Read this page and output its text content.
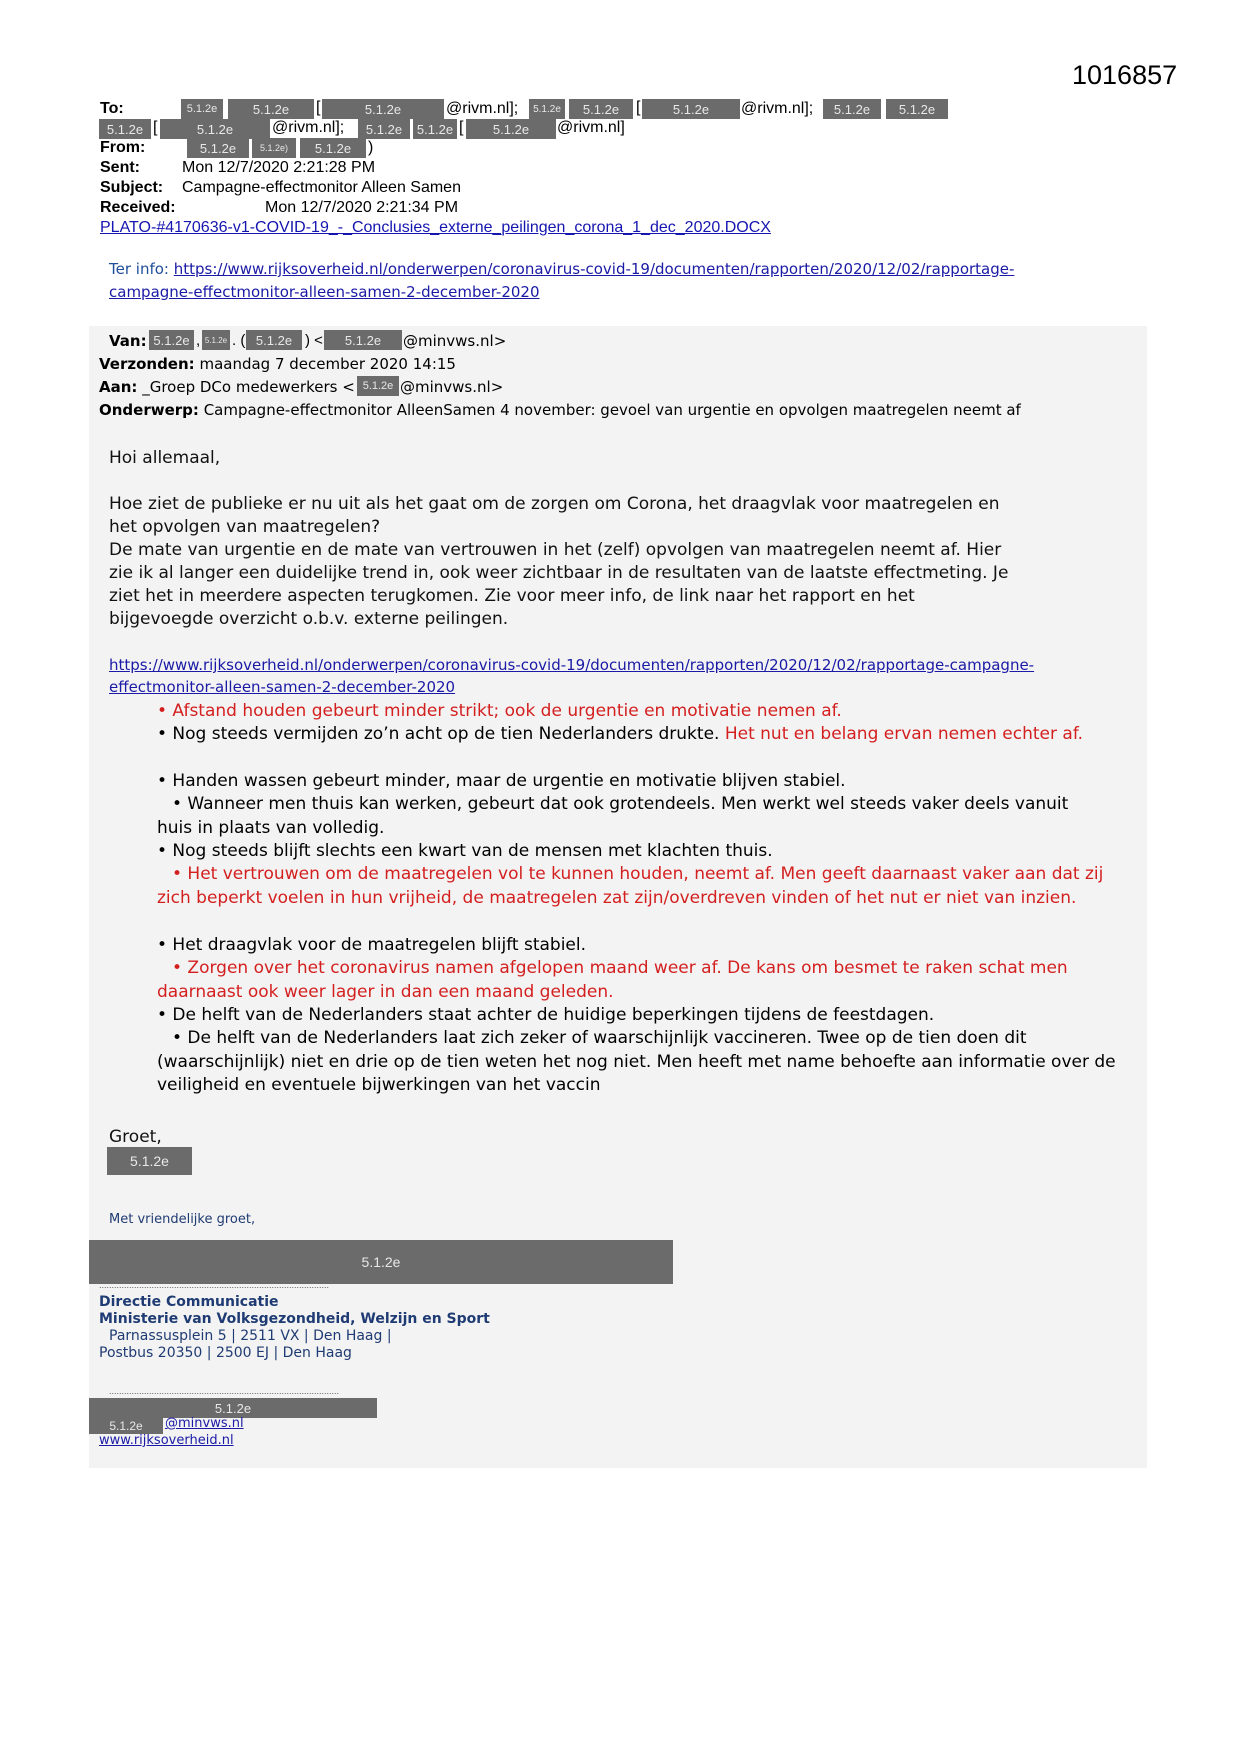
1016857
To:	5.1.2e	5.1.2e	[	5.1.2e	@rivm.nl];	5.1.2e	5.1.2e	[	5.1.2e	@rivm.nl];	5.1.2e	5.1.2e
5.1.2e [	5.1.2e	@rivm.nl];	5.1.2e	5.1.2e [	5.1.2e	@rivm.nl]
From:	5.1.2e	5.1.2e)	5.1.2e	)
Sent:	Mon 12/7/2020 2:21:28 PM
Subject: Campagne-effectmonitor Alleen Samen
Received:	Mon 12/7/2020 2:21:34 PM
PLATO-#4170636-v1-COVID-19_-_Conclusies_externe_peilingen_corona_1_dec_2020.DOCX
Ter info: https://www.rijksoverheid.nl/onderwerpen/coronavirus-covid-19/documenten/rapporten/2020/12/02/rapportage-
campagne-effectmonitor-alleen-samen-2-december-2020
Van: 5.1.2e , 5.1.2e . ( 5.1.2e ) <	5.1.2e	@minvws.nl>
Verzonden: maandag 7 december 2020 14:15
Aan: _Groep DCo medewerkers < 5.1.2e @minvws.nl>
Onderwerp: Campagne-effectmonitor AlleenSamen 4 november: gevoel van urgentie en opvolgen maatregelen neemt af
Hoi allemaal,
Hoe ziet de publieke er nu uit als het gaat om de zorgen om Corona, het draagvlak voor maatregelen en
het opvolgen van maatregelen?
De mate van urgentie en de mate van vertrouwen in het (zelf) opvolgen van maatregelen neemt af. Hier
zie ik al langer een duidelijke trend in, ook weer zichtbaar in de resultaten van de laatste effectmeting. Je
ziet het in meerdere aspecten terugkomen. Zie voor meer info, de link naar het rapport en het
bijgevoegde overzicht o.b.v. externe peilingen.
https://www.rijksoverheid.nl/onderwerpen/coronavirus-covid-19/documenten/rapporten/2020/12/02/rapportage-campagne-
effectmonitor-alleen-samen-2-december-2020
• Afstand houden gebeurt minder strikt; ook de urgentie en motivatie nemen af.
• Nog steeds vermijden zo’n acht op de tien Nederlanders drukte. Het nut en belang ervan nemen echter af.
• Handen wassen gebeurt minder, maar de urgentie en motivatie blijven stabiel.
• Wanneer men thuis kan werken, gebeurt dat ook grotendeels. Men werkt wel steeds vaker deels vanuit huis in plaats van volledig.
• Nog steeds blijft slechts een kwart van de mensen met klachten thuis.
• Het vertrouwen om de maatregelen vol te kunnen houden, neemt af. Men geeft daarnaast vaker aan dat zij zich beperkt voelen in hun vrijheid, de maatregelen zat zijn/overdreven vinden of het nut er niet van inzien.
• Het draagvlak voor de maatregelen blijft stabiel.
• Zorgen over het coronavirus namen afgelopen maand weer af. De kans om besmet te raken schat men daarnaast ook weer lager in dan een maand geleden.
• De helft van de Nederlanders staat achter de huidige beperkingen tijdens de feestdagen.
• De helft van de Nederlanders laat zich zeker of waarschijnlijk vaccineren. Twee op de tien doen dit (waarschijnlijk) niet en drie op de tien weten het nog niet. Men heeft met name behoefte aan informatie over de veiligheid en eventuele bijwerkingen van het vaccin
Groet,
5.1.2e
Met vriendelijke groet,
5.1.2e
............................................................................................
Directie Communicatie
Ministerie van Volksgezondheid, Welzijn en Sport
Parnassusplein 5 | 2511 VX | Den Haag |
Postbus 20350 | 2500 EJ | Den Haag
............................................................................................
5.1.2e
5.1.2e	@minvws.nl
www.rijksoverheid.nl
